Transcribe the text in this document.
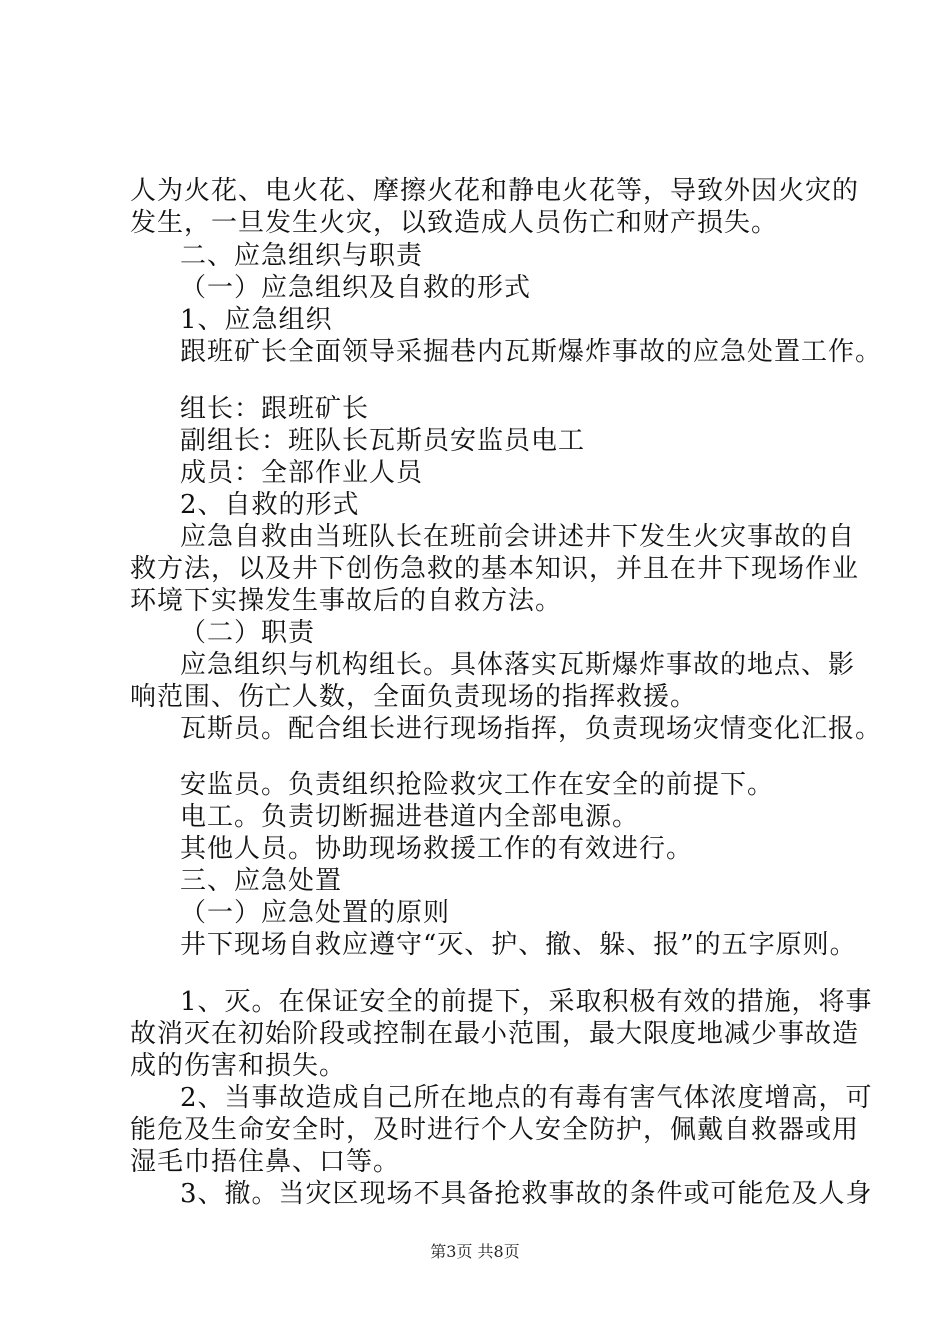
人为火花、电火花、摩擦火花和静电火花等，导致外因火灾的

发生，一旦发生火灾，以致造成人员伤亡和财产损失。

二、应急组织与职责

（一）应急组织及自救的形式

1、应急组织

跟班矿长全面领导采掘巷内瓦斯爆炸事故的应急处置工作。

组长：跟班矿长

副组长：班队长瓦斯员安监员电工

成员：全部作业人员

2、自救的形式

应急自救由当班队长在班前会讲述井下发生火灾事故的自

救方法，以及井下创伤急救的基本知识，并且在井下现场作业

环境下实操发生事故后的自救方法。

（二）职责

应急组织与机构组长。具体落实瓦斯爆炸事故的地点、影

响范围、伤亡人数，全面负责现场的指挥救援。

瓦斯员。配合组长进行现场指挥，负责现场灾情变化汇报。

安监员。负责组织抢险救灾工作在安全的前提下。

电工。负责切断掘进巷道内全部电源。

其他人员。协助现场救援工作的有效进行。

三、应急处置

（一）应急处置的原则

井下现场自救应遵守“灭、护、撤、躲、报”的五字原则。

1、灭。在保证安全的前提下，采取积极有效的措施，将事

故消灭在初始阶段或控制在最小范围，最大限度地减少事故造

成的伤害和损失。

2、当事故造成自己所在地点的有毒有害气体浓度增高，可

能危及生命安全时，及时进行个人安全防护，佩戴自救器或用

湿毛巾捂住鼻、口等。

3、撤。当灾区现场不具备抢救事故的条件或可能危及人身

第3页 共8页
